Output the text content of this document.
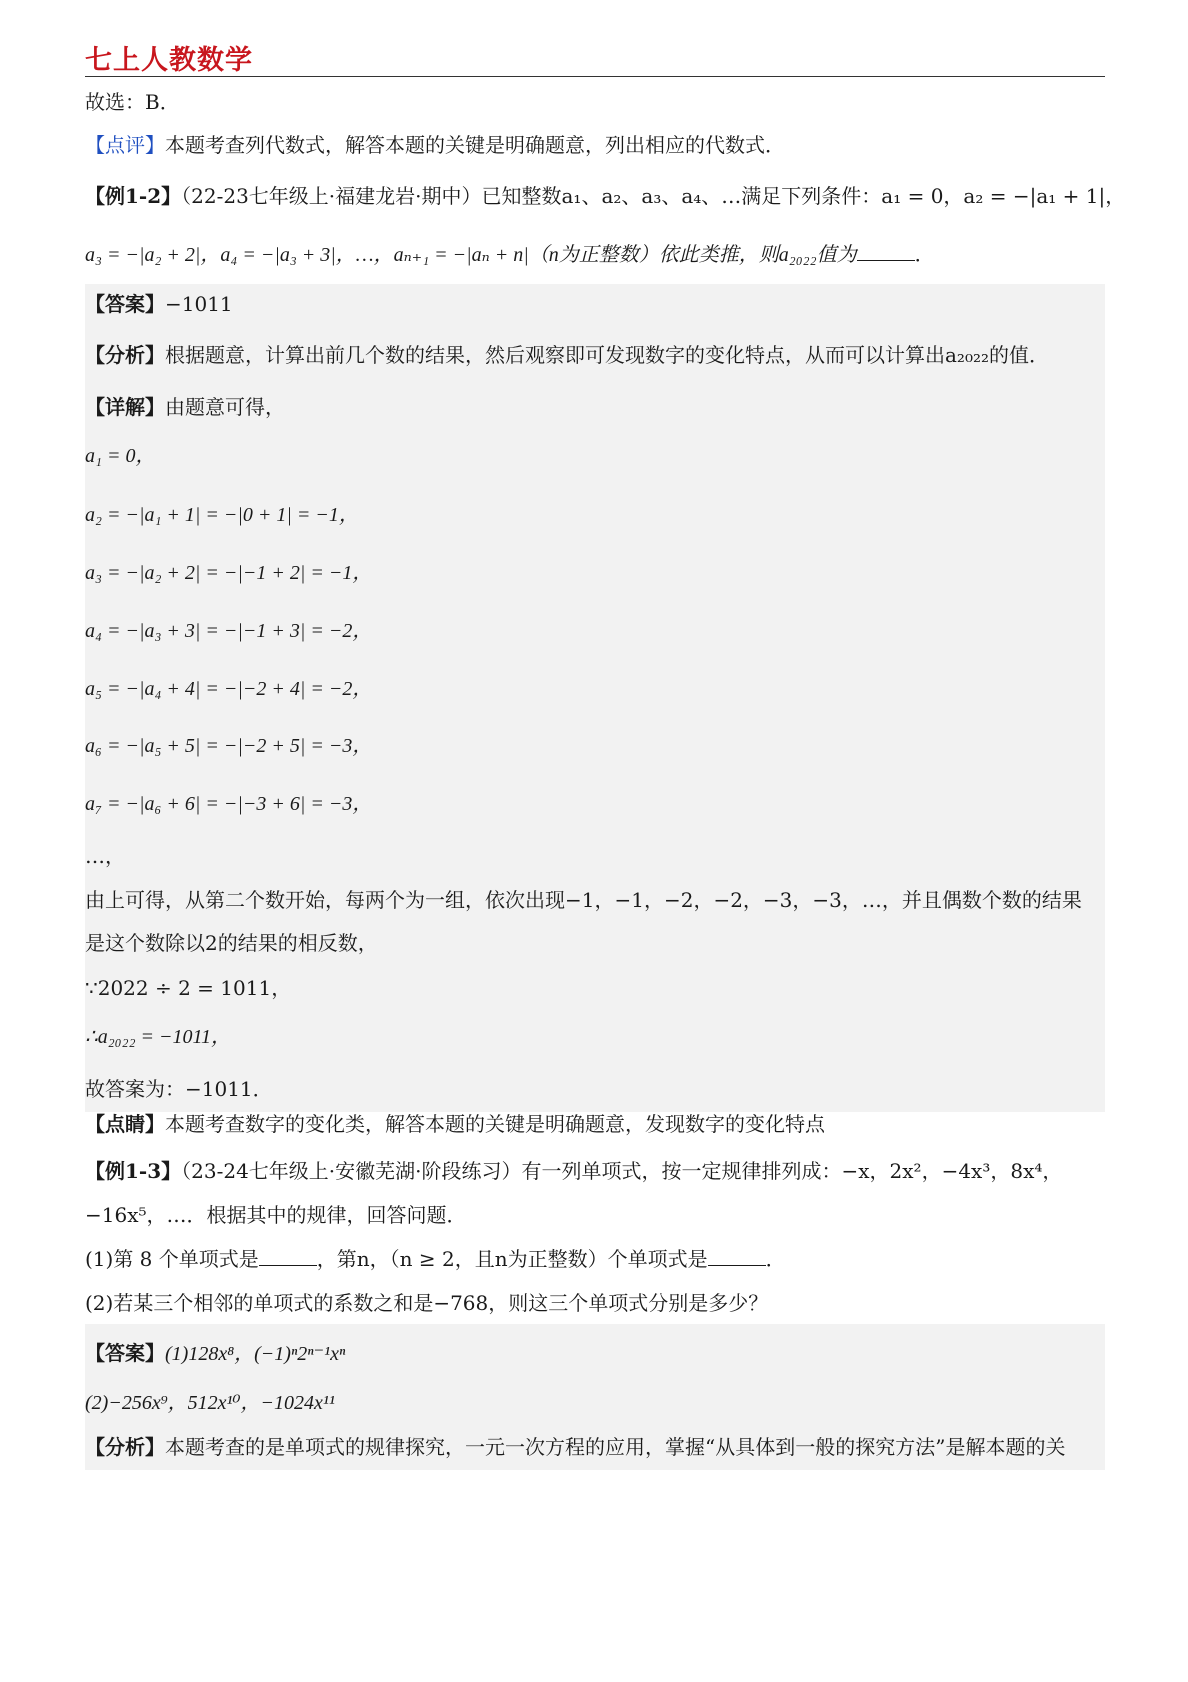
七上人教数学
故选：B．
【点评】本题考查列代数式，解答本题的关键是明确题意，列出相应的代数式．
【例1-2】（22-23七年级上·福建龙岩·期中）已知整数a₁、a₂、a₃、a₄、…满足下列条件：a₁ = 0，a₂ = −|a₁ + 1|，
a₃ = −|a₂ + 2|，a₄ = −|a₃ + 3|，…，aₙ₊₁ = −|aₙ + n|（n为正整数）依此类推，则a₂₀₂₂值为	．
【答案】−1011
【分析】根据题意，计算出前几个数的结果，然后观察即可发现数字的变化特点，从而可以计算出a₂₀₂₂的值．
【详解】由题意可得，
a₁ = 0，
a₂ = −|a₁ + 1| = −|0 + 1| = −1，
a₃ = −|a₂ + 2| = −|−1 + 2| = −1，
a₄ = −|a₃ + 3| = −|−1 + 3| = −2，
a₅ = −|a₄ + 4| = −|−2 + 4| = −2，
a₆ = −|a₅ + 5| = −|−2 + 5| = −3，
a₇ = −|a₆ + 6| = −|−3 + 6| = −3，
…，
由上可得，从第二个数开始，每两个为一组，依次出现−1，−1，−2，−2，−3，−3，…，并且偶数个数的结果
是这个数除以2的结果的相反数，
∵2022 ÷ 2 = 1011，
∴a₂₀₂₂ = −1011，
故答案为：−1011．
【点睛】本题考查数字的变化类，解答本题的关键是明确题意，发现数字的变化特点
【例1-3】（23-24七年级上·安徽芜湖·阶段练习）有一列单项式，按一定规律排列成：−x，2x²，−4x³，8x⁴，
−16x⁵，…．根据其中的规律，回答问题．
(1)第 8 个单项式是	，第n，（n ≥ 2，且n为正整数）个单项式是	．
(2)若某三个相邻的单项式的系数之和是−768，则这三个单项式分别是多少？
【答案】(1)128x⁸，(−1)ⁿ2ⁿ⁻¹xⁿ
(2)−256x⁹，512x¹⁰，−1024x¹¹
【分析】本题考查的是单项式的规律探究，一元一次方程的应用，掌握“从具体到一般的探究方法”是解本题的关
